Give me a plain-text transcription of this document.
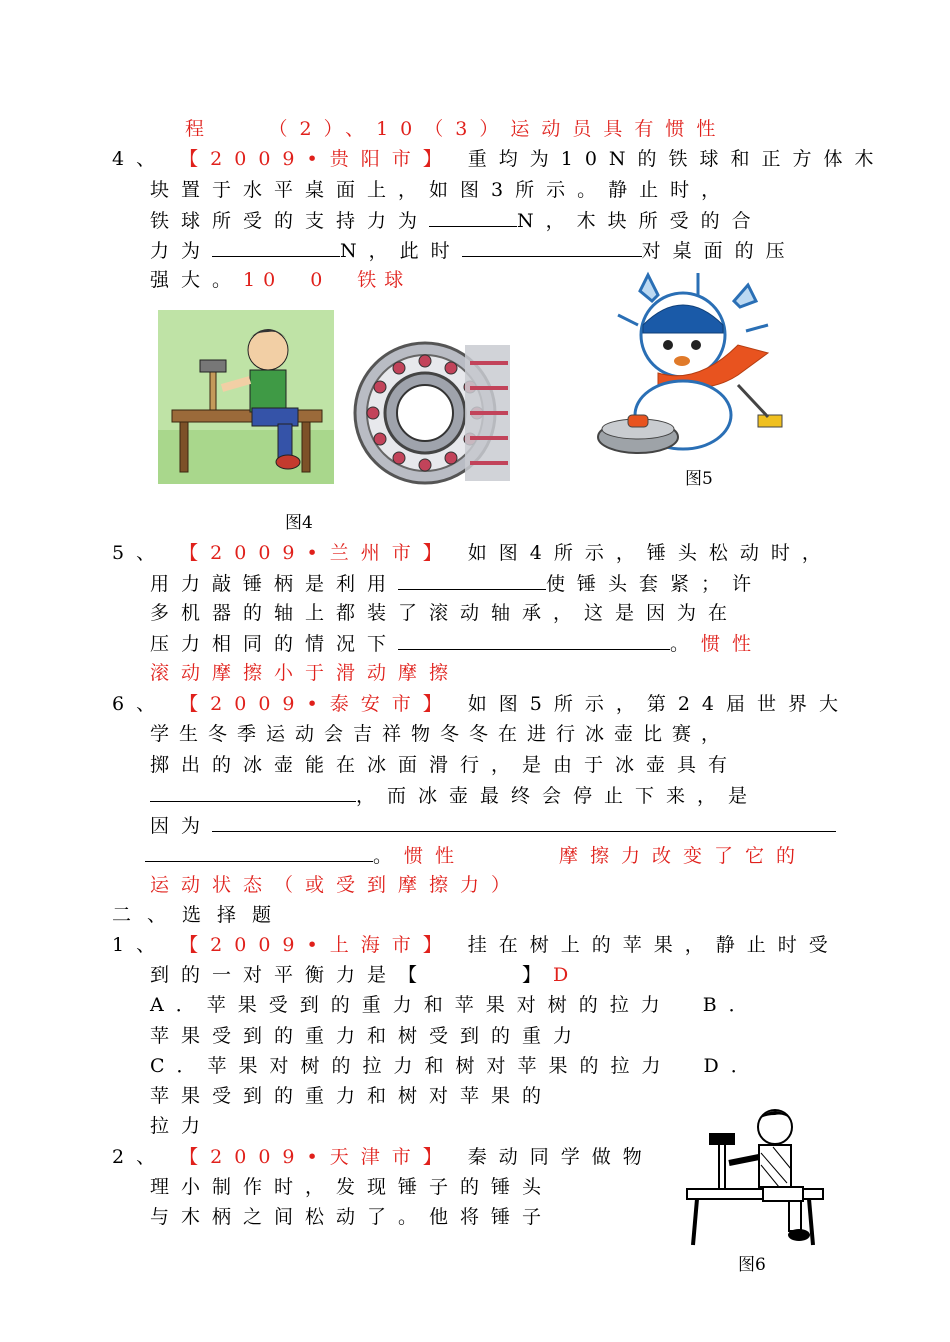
程　　（2）、10（3）运动员具有惯性
4、 【2009•贵阳市】 重均为10N的铁球和正方体木
块置于水平桌面上，如图3所示。静止时，
铁球所受的支持力为	N，木块所受的合
力为	N，此时	对桌面的压
强大。10　0　铁球
图5
图4
5、 【2009•兰州市】 如图4所示，锤头松动时，
用力敲锤柄是利用	使锤头套紧；许
多机器的轴上都装了滚动轴承，这是因为在
压力相同的情况下	。惯性
滚动摩擦小于滑动摩擦
6、 【2009•泰安市】 如图5所示，第24届世界大
学生冬季运动会吉祥物冬冬在进行冰壶比赛，
掷出的冰壶能在冰面滑行，是由于冰壶具有
，而冰壶最终会停止下来，是
因为
。惯性　　　摩擦力改变了它的
运动状态（或受到摩擦力）
二、选择题
1、 【2009•上海市】 挂在树上的苹果，静止时受
到的一对平衡力是【　　　】D
A．苹果受到的重力和苹果对树的拉力　B．
苹果受到的重力和树受到的重力
C．苹果对树的拉力和树对苹果的拉力　D．
苹果受到的重力和树对苹果的
拉力
2、 【2009•天津市】 秦动同学做物
理小制作时，发现锤子的锤头
与木柄之间松动了。他将锤子
图6
